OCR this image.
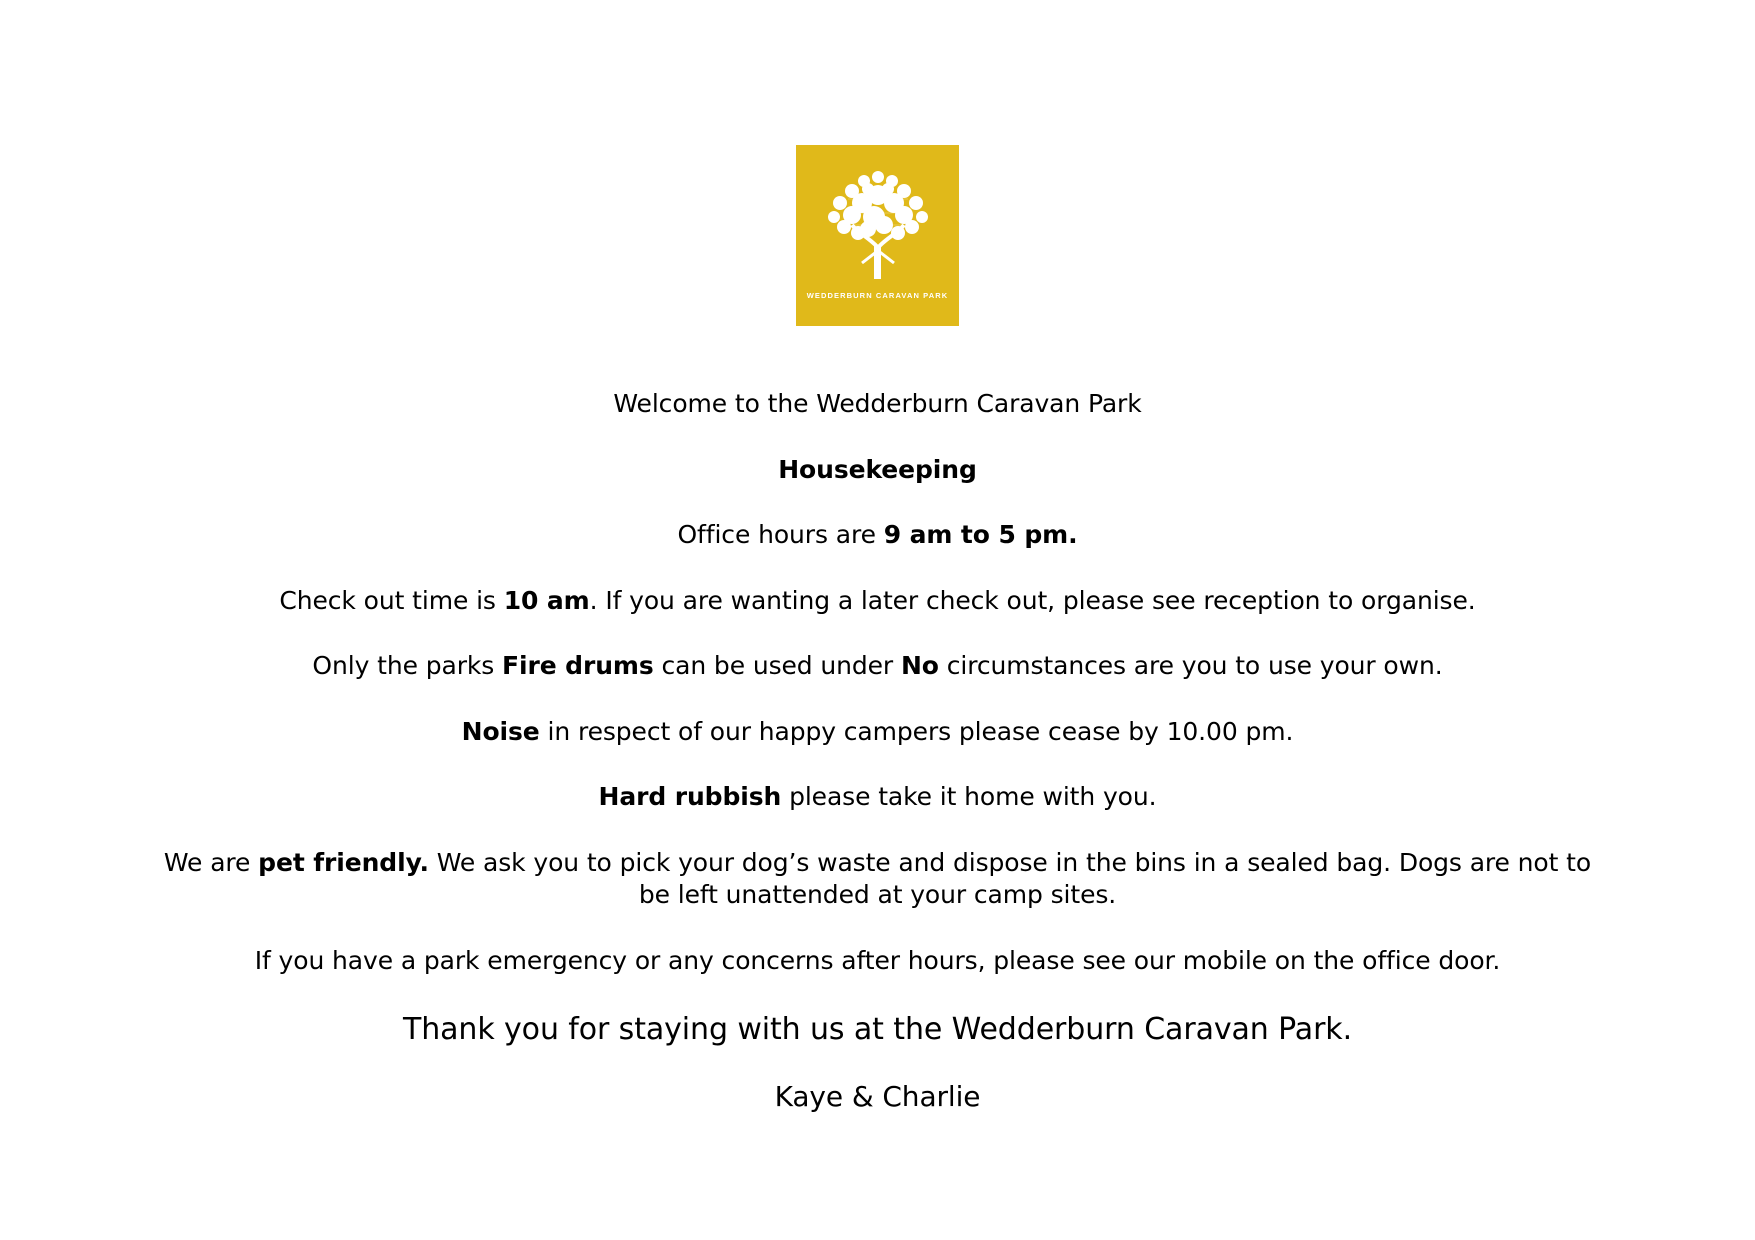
WEDDERBURN CARAVAN PARK

Welcome to the Wedderburn Caravan Park

Housekeeping

Office hours are 9 am to 5 pm.

Check out time is 10 am. If you are wanting a later check out, please see reception to organise.

Only the parks Fire drums can be used under No circumstances are you to use your own.

Noise in respect of our happy campers please cease by 10.00 pm.

Hard rubbish please take it home with you.

We are pet friendly. We ask you to pick your dog’s waste and dispose in the bins in a sealed bag. Dogs are not to be left unattended at your camp sites.

If you have a park emergency or any concerns after hours, please see our mobile on the office door.

Thank you for staying with us at the Wedderburn Caravan Park.

Kaye & Charlie
